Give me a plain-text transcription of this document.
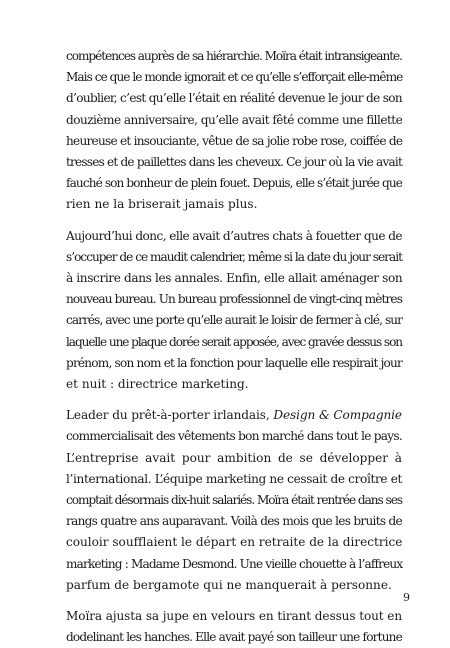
compétences auprès de sa hiérarchie. Moïra était intransigeante.
Mais ce que le monde ignorait et ce qu’elle s’efforçait elle-même
d’oublier, c’est qu’elle l’était en réalité devenue le jour de son
douzième anniversaire, qu’elle avait fêté comme une fillette
heureuse et insouciante, vêtue de sa jolie robe rose, coiffée de
tresses et de paillettes dans les cheveux. Ce jour où la vie avait
fauché son bonheur de plein fouet. Depuis, elle s’était jurée que
rien ne la briserait jamais plus.

Aujourd’hui donc, elle avait d’autres chats à fouetter que de
s’occuper de ce maudit calendrier, même si la date du jour serait
à inscrire dans les annales. Enfin, elle allait aménager son
nouveau bureau. Un bureau professionnel de vingt-cinq mètres
carrés, avec une porte qu’elle aurait le loisir de fermer à clé, sur
laquelle une plaque dorée serait apposée, avec gravée dessus son
prénom, son nom et la fonction pour laquelle elle respirait jour
et nuit : directrice marketing.

Leader du prêt-à-porter irlandais, Design & Compagnie
commercialisait des vêtements bon marché dans tout le pays.
L’entreprise avait pour ambition de se développer à
l’international. L’équipe marketing ne cessait de croître et
comptait désormais dix-huit salariés. Moïra était rentrée dans ses
rangs quatre ans auparavant. Voilà des mois que les bruits de
couloir soufflaient le départ en retraite de la directrice
marketing : Madame Desmond. Une vieille chouette à l’affreux
parfum de bergamote qui ne manquerait à personne.

Moïra ajusta sa jupe en velours en tirant dessus tout en
dodelinant les hanches. Elle avait payé son tailleur une fortune

9
